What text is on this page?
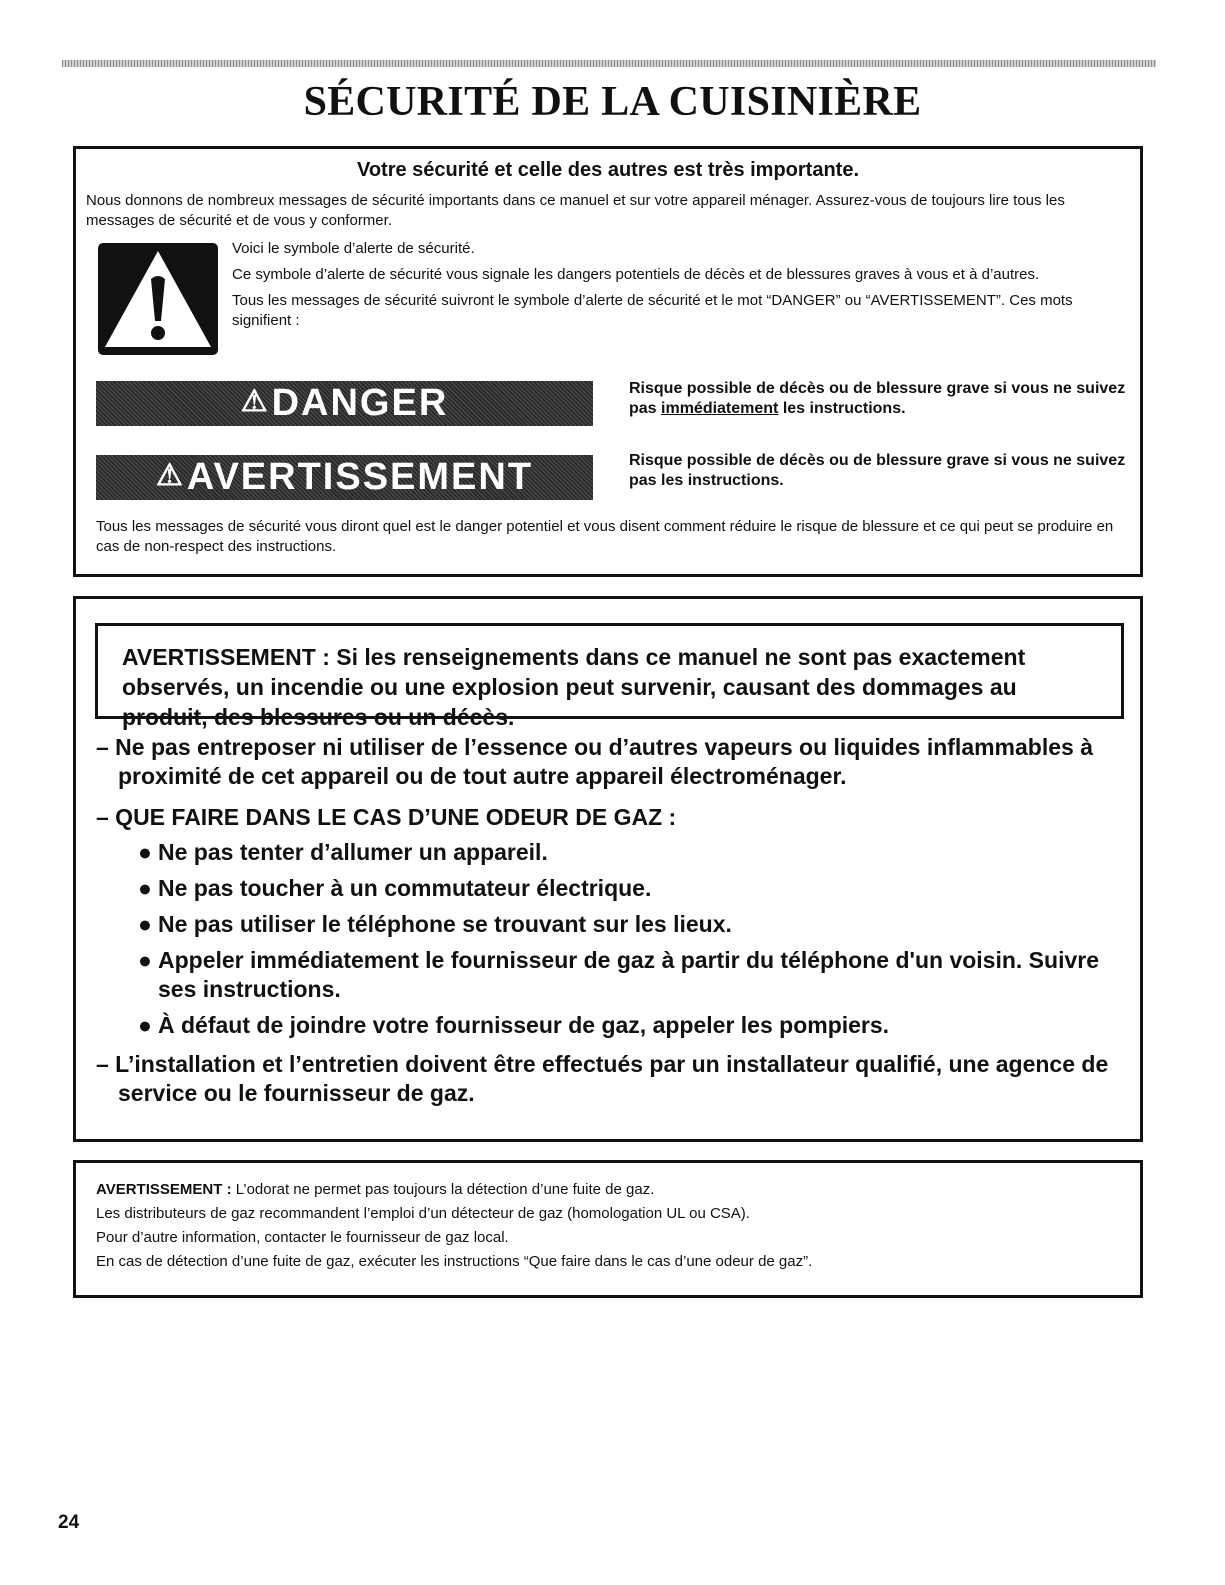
SÉCURITÉ DE LA CUISINIÈRE
Votre sécurité et celle des autres est très importante.
Nous donnons de nombreux messages de sécurité importants dans ce manuel et sur votre appareil ménager. Assurez-vous de toujours lire tous les messages de sécurité et de vous y conformer.

Voici le symbole d’alerte de sécurité.

Ce symbole d’alerte de sécurité vous signale les dangers potentiels de décès et de blessures graves à vous et à d’autres.

Tous les messages de sécurité suivront le symbole d’alerte de sécurité et le mot “DANGER” ou “AVERTISSEMENT”. Ces mots signifient :

⚠ DANGER	Risque possible de décès ou de blessure grave si vous ne suivez pas immédiatement les instructions.
⚠ AVERTISSEMENT	Risque possible de décès ou de blessure grave si vous ne suivez pas les instructions.
Tous les messages de sécurité vous diront quel est le danger potentiel et vous disent comment réduire le risque de blessure et ce qui peut se produire en cas de non-respect des instructions.
AVERTISSEMENT : Si les renseignements dans ce manuel ne sont pas exactement observés, un incendie ou une explosion peut survenir, causant des dommages au produit, des blessures ou un décès.

– Ne pas entreposer ni utiliser de l’essence ou d’autres vapeurs ou liquides inflammables à proximité de cet appareil ou de tout autre appareil électroménager.

– QUE FAIRE DANS LE CAS D’UNE ODEUR DE GAZ :

● Ne pas tenter d’allumer un appareil.

● Ne pas toucher à un commutateur électrique.

● Ne pas utiliser le téléphone se trouvant sur les lieux.

● Appeler immédiatement le fournisseur de gaz à partir du téléphone d'un voisin. Suivre ses instructions.

● À défaut de joindre votre fournisseur de gaz, appeler les pompiers.

– L’installation et l’entretien doivent être effectués par un installateur qualifié, une agence de service ou le fournisseur de gaz.

AVERTISSEMENT : L’odorat ne permet pas toujours la détection d’une fuite de gaz.
Les distributeurs de gaz recommandent l’emploi d’un détecteur de gaz (homologation UL ou CSA).
Pour d’autre information, contacter le fournisseur de gaz local.
En cas de détection d’une fuite de gaz, exécuter les instructions “Que faire dans le cas d’une odeur de gaz”.
24
